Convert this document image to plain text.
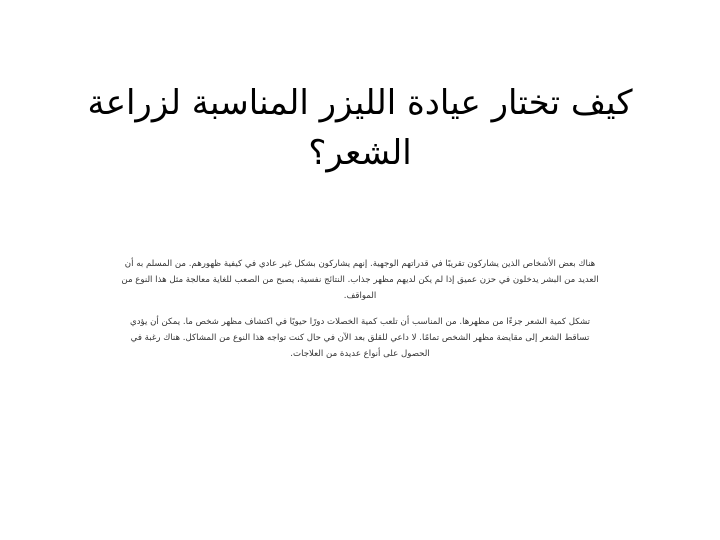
كيف تختار عيادة الليزر المناسبة لزراعة الشعر؟

هناك بعض الأشخاص الذين يشاركون تقريبًا في قدراتهم الوجهية. إنهم يشاركون بشكل غير عادي في كيفية ظهورهم. من المسلم به أن العديد من البشر يدخلون في حزن عميق إذا لم يكن لديهم مظهر جذاب. النتائج نفسية، يصبح من الصعب للغاية معالجة مثل هذا النوع من المواقف.

تشكل كمية الشعر جزءًا من مظهرها. من المناسب أن تلعب كمية الخصلات دورًا حيويًا في اكتشاف مظهر شخص ما. يمكن أن يؤدي تساقط الشعر إلى مقايضة مظهر الشخص تمامًا. لا داعي للقلق بعد الآن في حال كنت تواجه هذا النوع من المشاكل. هناك رغبة في الحصول على أنواع عديدة من العلاجات.
